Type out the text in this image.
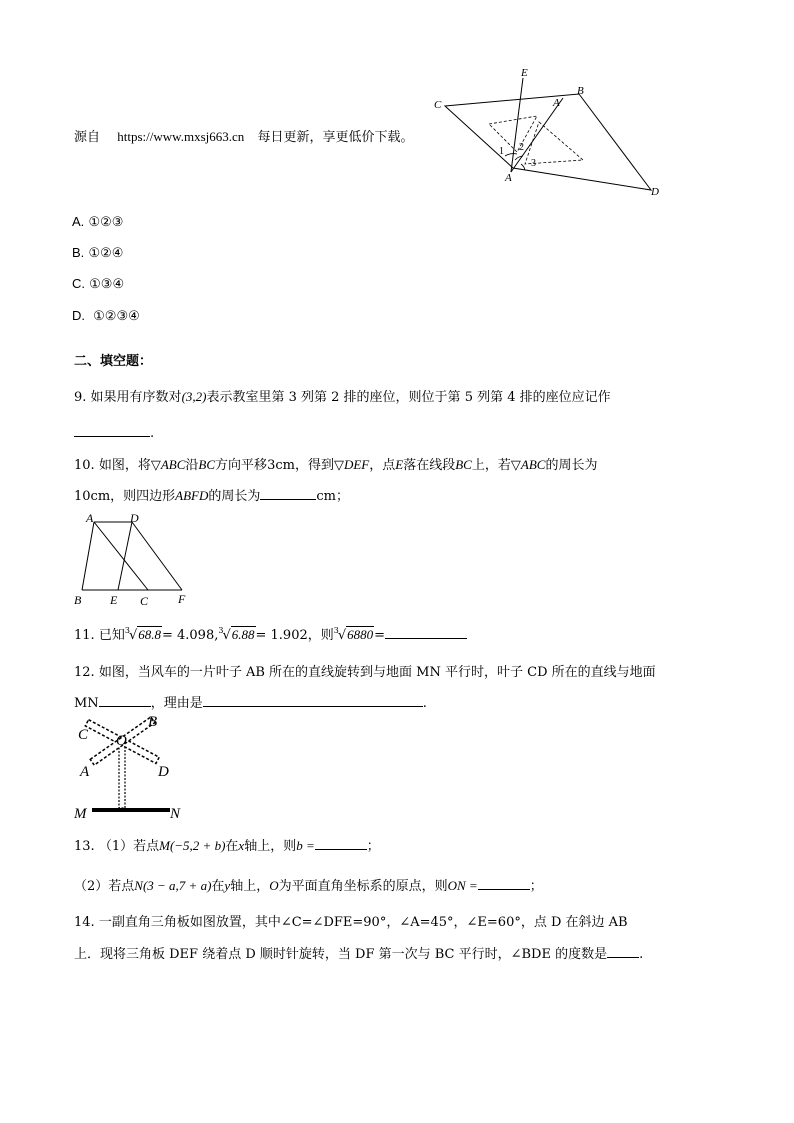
源自 https://www.mxsj663.cn 每日更新，享更低价下载。
E
B
C	A
D
A
1 2
3
A. ①②③
B. ①②④
C. ①③④
D. ①②③④
二、填空题：
9. 如果用有序数对(3,2)表示教室里第 3 列第 2 排的座位，则位于第 5 列第 4 排的座位应记作
.
10. 如图，将▽ABC沿BC方向平移3cm，得到▽DEF，点E落在线段BC上，若▽ABC的周长为
10cm，则四边形ABFD的周长为	cm；
A	D
B E C F
11. 已知$^3$√68.8= 4.098,$^3$√6.88= 1.902，则$^3$√6880=
12. 如图，当风车的一片叶子 AB 所在的直线旋转到与地面 MN 平行时，叶子 CD 所在的直线与地面
MN	，理由是	.
C
B
O
A	D
M	N
13. （1）若点M(−5,2 + b)在x轴上，则b =	；
（2）若点N(3 − a,7 + a)在y轴上，O为平面直角坐标系的原点，则ON =	；
14. 一副直角三角板如图放置，其中∠C=∠DFE=90°，∠A=45°，∠E=60°，点 D 在斜边 AB
上．现将三角板 DEF 绕着点 D 顺时针旋转，当 DF 第一次与 BC 平行时，∠BDE 的度数是 .
